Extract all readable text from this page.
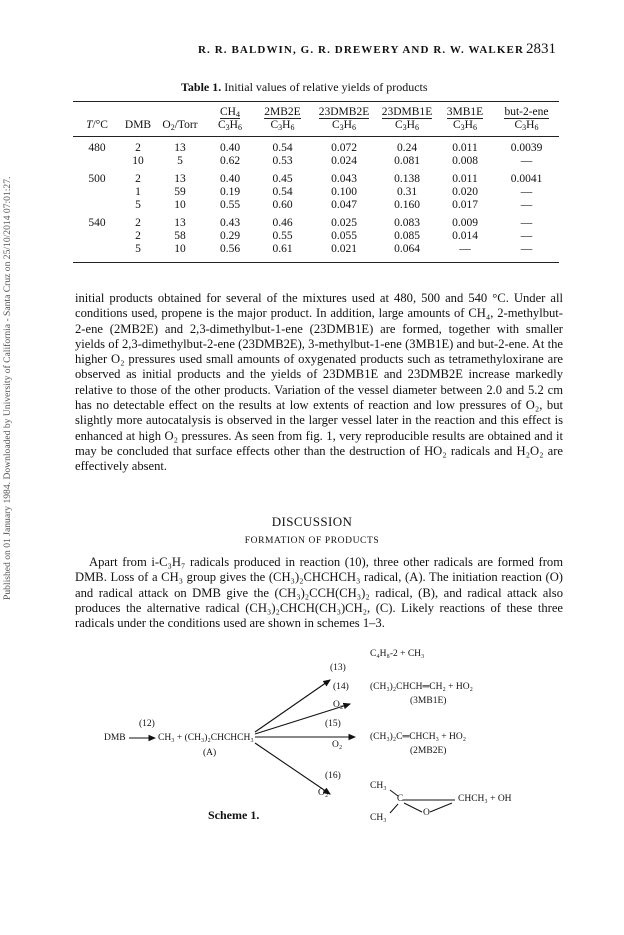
Published on 01 January 1984. Downloaded by University of California - Santa Cruz on 25/10/2014 07:01:27.
R. R. BALDWIN, G. R. DREWERY AND R. W. WALKER 2831
Table 1. Initial values of relative yields of products
			$CH_4$	2MB2E	23DMB2E	23DMB1E	3MB1E	but-2-ene
T/°C	DMB	$O_2$/Torr	$C_3H_6$	$C_3H_6$	$C_3H_6$	$C_3H_6$	$C_3H_6$	$C_3H_6$
480	2	13	0.40	0.54	0.072	0.24	0.011	0.0039
	10	5	0.62	0.53	0.024	0.081	0.008	—
500	2	13	0.40	0.45	0.043	0.138	0.011	0.0041
	1	59	0.19	0.54	0.100	0.31	0.020	—
	5	10	0.55	0.60	0.047	0.160	0.017	—
540	2	13	0.43	0.46	0.025	0.083	0.009	—
	2	58	0.29	0.55	0.055	0.085	0.014	—
	5	10	0.56	0.61	0.021	0.064	—	—

initial products obtained for several of the mixtures used at 480, 500 and 540 °C. Under all conditions used, propene is the major product. In addition, large amounts of CH₄, 2-methylbut-2-ene (2MB2E) and 2,3-dimethylbut-1-ene (23DMB1E) are formed, together with smaller yields of 2,3-dimethylbut-2-ene (23DMB2E), 3-methylbut-1-ene (3MB1E) and but-2-ene. At the higher O₂ pressures used small amounts of oxygenated products such as tetramethyloxirane are observed as initial products and the yields of 23DMB1E and 23DMB2E increase markedly relative to those of the other products. Variation of the vessel diameter between 2.0 and 5.2 cm has no detectable effect on the results at low extents of reaction and low pressures of O₂, but slightly more autocatalysis is observed in the larger vessel later in the reaction and this effect is enhanced at high O₂ pressures. As seen from fig. 1, very reproducible results are obtained and it may be concluded that surface effects other than the destruction of HO₂ radicals and H₂O₂ are effectively absent.

DISCUSSION
FORMATION OF PRODUCTS

Apart from i-C₃H₇ radicals produced in reaction (10), three other radicals are formed from DMB. Loss of a CH₃ group gives the (CH₃)₂CHCHCH₃ radical, (A). The initiation reaction (O) and radical attack on DMB give the (CH₃)₂CCH(CH₃)₂ radical, (B), and radical attack also produces the alternative radical (CH₃)₂CHCH(CH₃)CH₂, (C). Likely reactions of these three radicals under the conditions used are shown in schemes 1–3.

(12)
DMB	CH₃ + (CH₃)₂CHCHCH₃
(A)
(13)
C₄H₈-2 + CH₃
(14)
O₂
(CH₃)₂CHCH═CH₂ + HO₂
(3MB1E)
(15)
O₂
(CH₃)₂C═CHCH₃ + HO₂
(2MB2E)
(16)
O₂
CH₃
C
CH₃	O
CHCH₃ + OH
Scheme 1.
